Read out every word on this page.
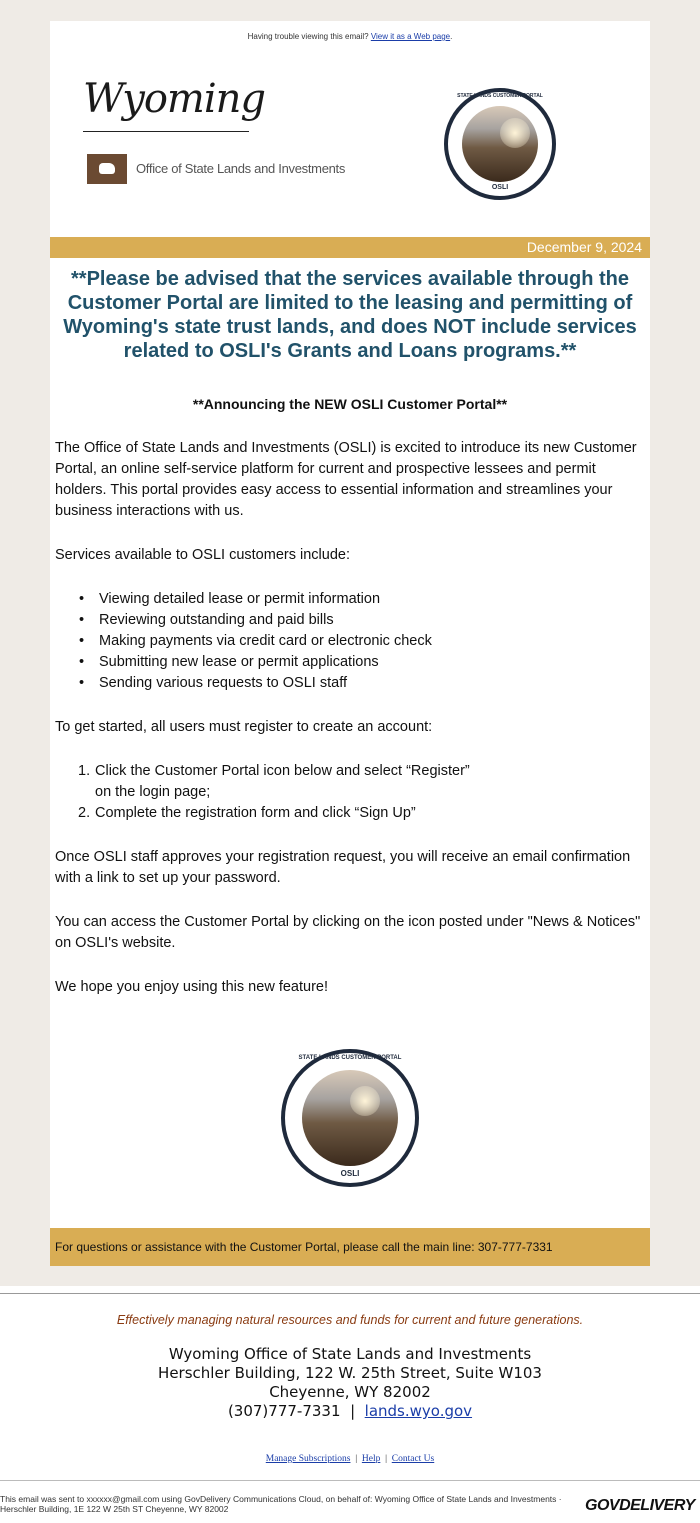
Having trouble viewing this email? View it as a Web page.
Wyoming
Office of State Lands and Investments
STATE LANDS CUSTOMER PORTAL
OSLI
December 9, 2024
**Please be advised that the services available through the Customer Portal are limited to the leasing and permitting of Wyoming's state trust lands, and does NOT include services related to OSLI's Grants and Loans programs.**
**Announcing the NEW OSLI Customer Portal**
The Office of State Lands and Investments (OSLI) is excited to introduce its new Customer Portal, an online self-service platform for current and prospective lessees and permit holders. This portal provides easy access to essential information and streamlines your business interactions with us.
Services available to OSLI customers include:
• Viewing detailed lease or permit information
• Reviewing outstanding and paid bills
• Making payments via credit card or electronic check
• Submitting new lease or permit applications
• Sending various requests to OSLI staff
To get started, all users must register to create an account:
1. Click the Customer Portal icon below and select “Register”
on the login page;
2. Complete the registration form and click “Sign Up”
Once OSLI staff approves your registration request, you will receive an email confirmation with a link to set up your password.
You can access the Customer Portal by clicking on the icon posted under "News & Notices" on OSLI's website.
We hope you enjoy using this new feature!
STATE LANDS CUSTOMER PORTAL
OSLI
For questions or assistance with the Customer Portal, please call the main line: 307-777-7331
Effectively managing natural resources and funds for current and future generations.
Wyoming Office of State Lands and Investments
Herschler Building, 122 W. 25th Street, Suite W103
Cheyenne, WY 82002
(307)777-7331 | lands.wyo.gov
Manage Subscriptions  |  Help  |  Contact Us
This email was sent to xxxxxx@gmail.com using GovDelivery Communications Cloud, on behalf of: Wyoming Office of State Lands and Investments · Herschler Building, 1E 122 W 25th ST Cheyenne, WY 82002	GOVDELIVERY
